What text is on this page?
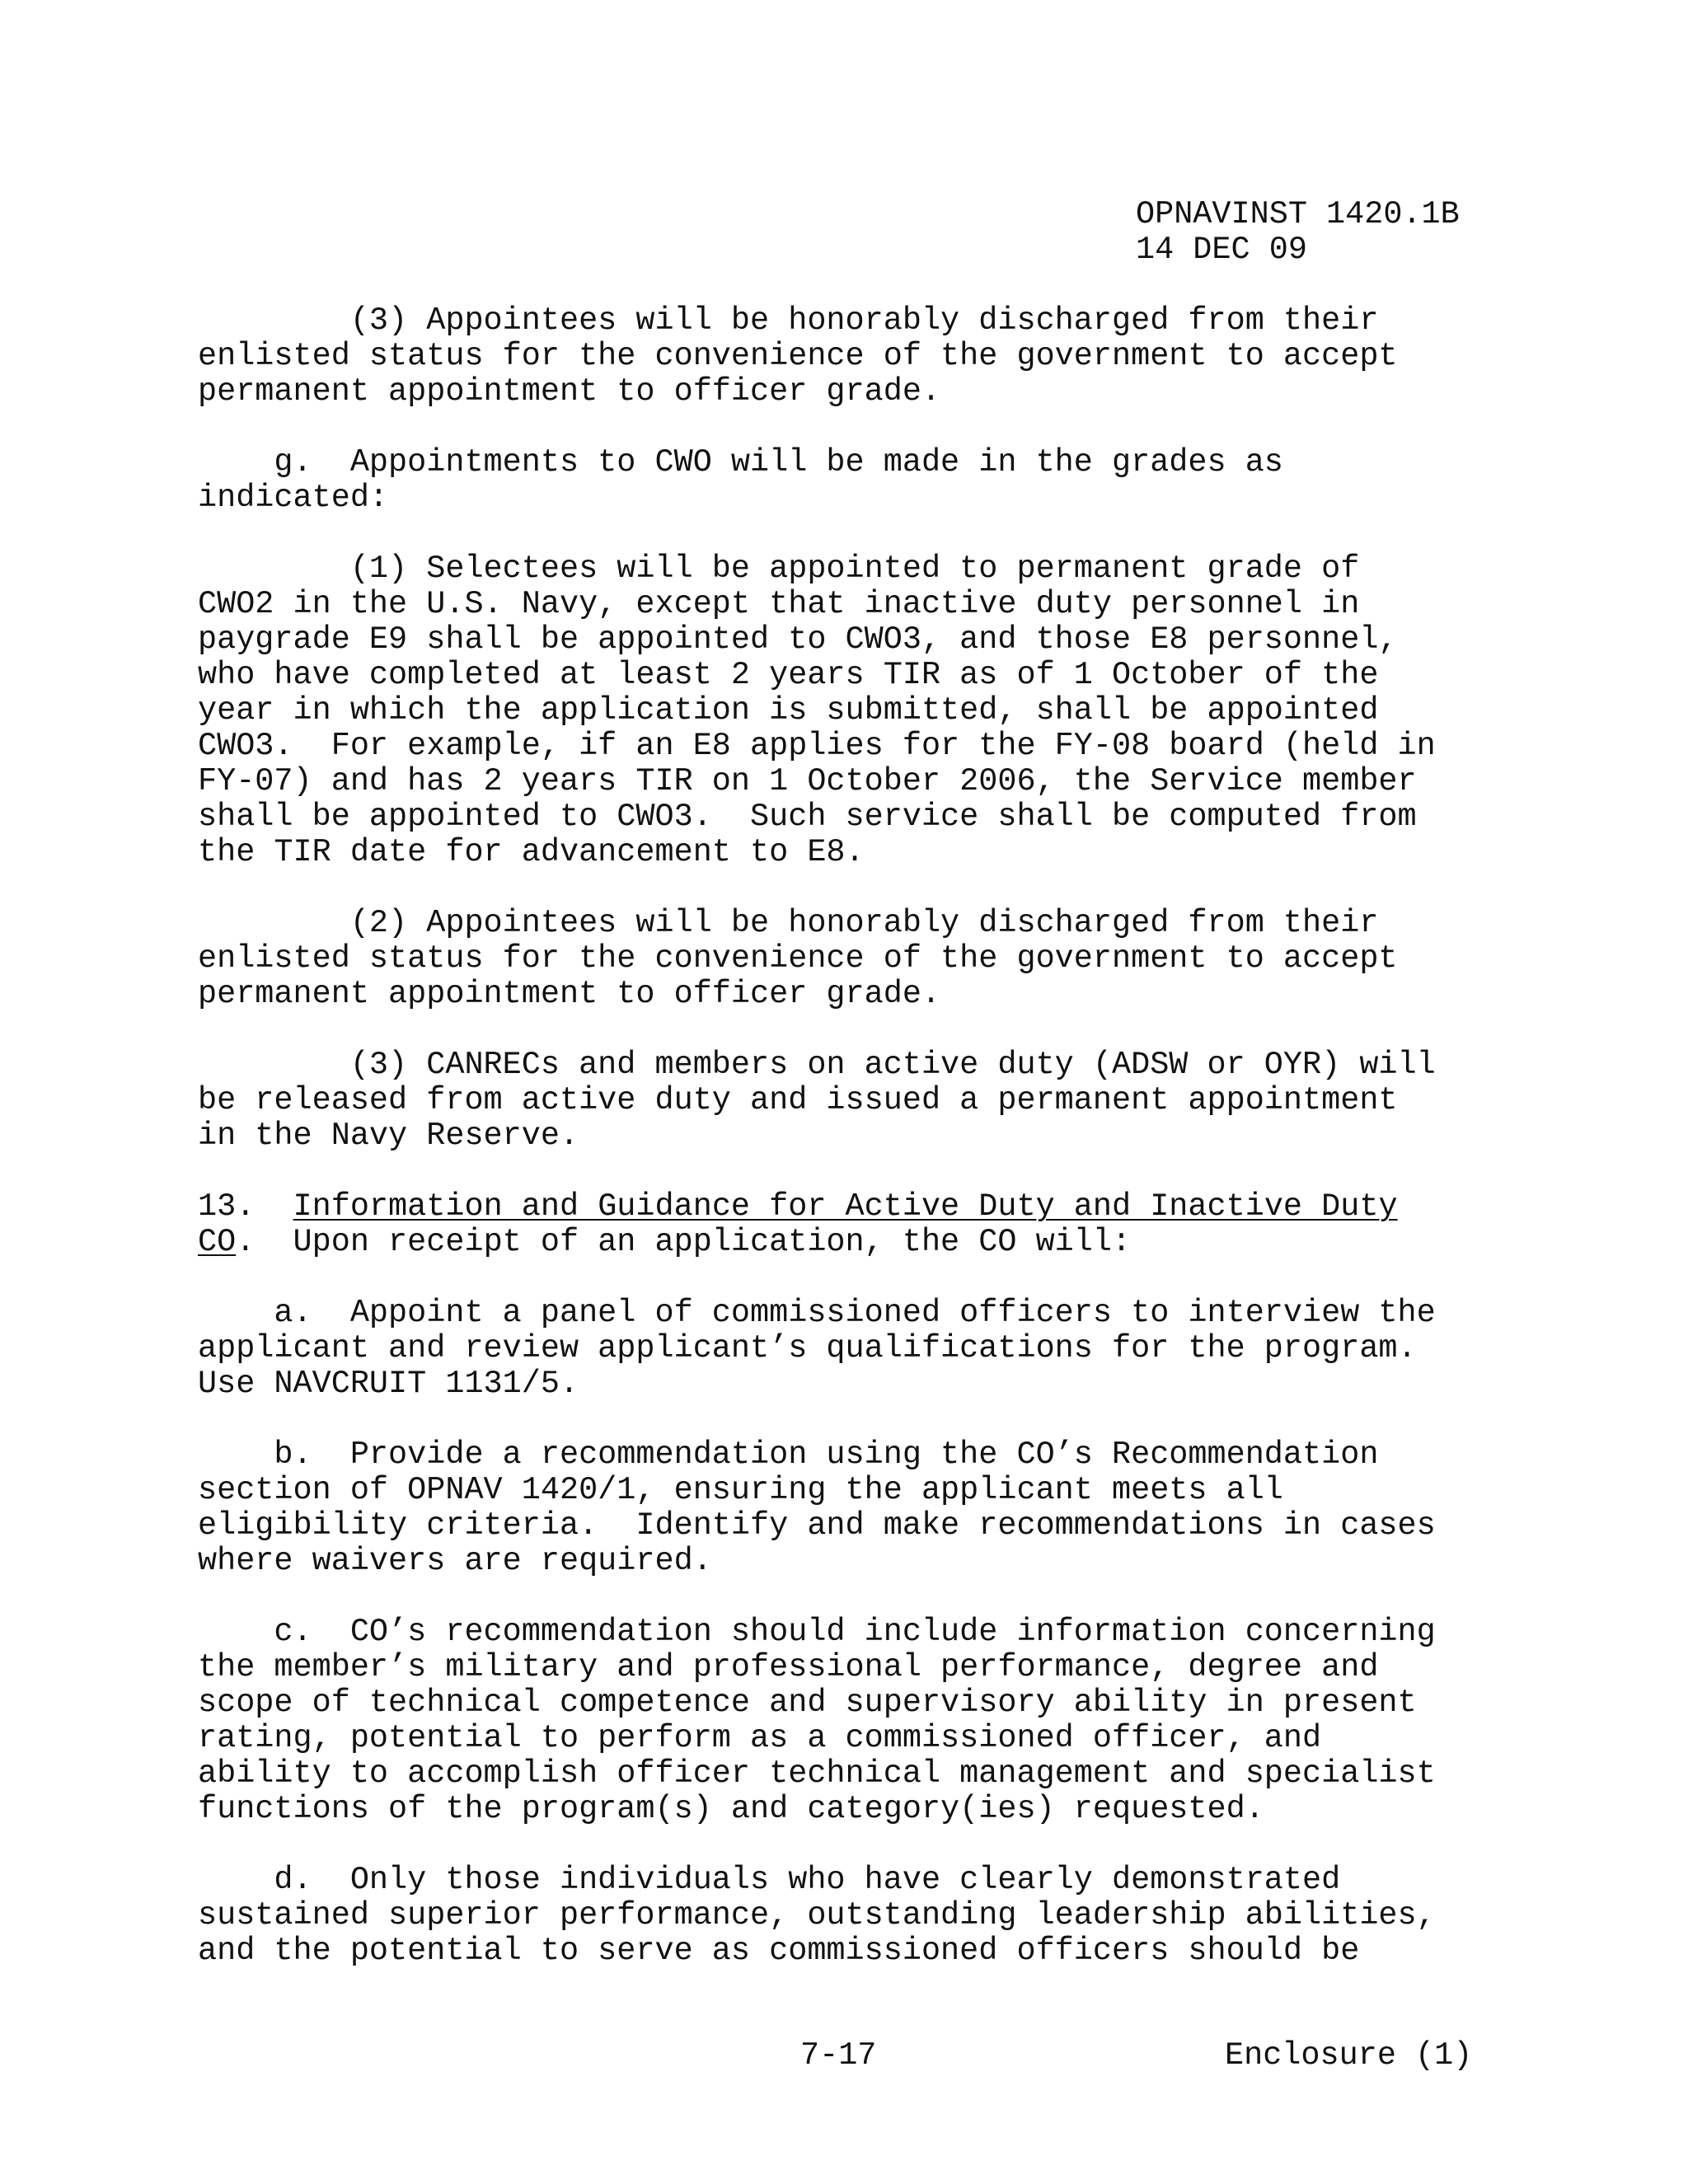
OPNAVINST 1420.1B
14 DEC 09
(3) Appointees will be honorably discharged from their
enlisted status for the convenience of the government to accept
permanent appointment to officer grade.
g.  Appointments to CWO will be made in the grades as
indicated:
(1) Selectees will be appointed to permanent grade of
CWO2 in the U.S. Navy, except that inactive duty personnel in
paygrade E9 shall be appointed to CWO3, and those E8 personnel,
who have completed at least 2 years TIR as of 1 October of the
year in which the application is submitted, shall be appointed
CWO3.  For example, if an E8 applies for the FY-08 board (held in
FY-07) and has 2 years TIR on 1 October 2006, the Service member
shall be appointed to CWO3.  Such service shall be computed from
the TIR date for advancement to E8.
(2) Appointees will be honorably discharged from their
enlisted status for the convenience of the government to accept
permanent appointment to officer grade.
(3) CANRECs and members on active duty (ADSW or OYR) will
be released from active duty and issued a permanent appointment
in the Navy Reserve.
13.  Information and Guidance for Active Duty and Inactive Duty
CO.  Upon receipt of an application, the CO will:
a.  Appoint a panel of commissioned officers to interview the
applicant and review applicant’s qualifications for the program.
Use NAVCRUIT 1131/5.
b.  Provide a recommendation using the CO’s Recommendation
section of OPNAV 1420/1, ensuring the applicant meets all
eligibility criteria.  Identify and make recommendations in cases
where waivers are required.
c.  CO’s recommendation should include information concerning
the member’s military and professional performance, degree and
scope of technical competence and supervisory ability in present
rating, potential to perform as a commissioned officer, and
ability to accomplish officer technical management and specialist
functions of the program(s) and category(ies) requested.
d.  Only those individuals who have clearly demonstrated
sustained superior performance, outstanding leadership abilities,
and the potential to serve as commissioned officers should be
7-17	Enclosure (1)
